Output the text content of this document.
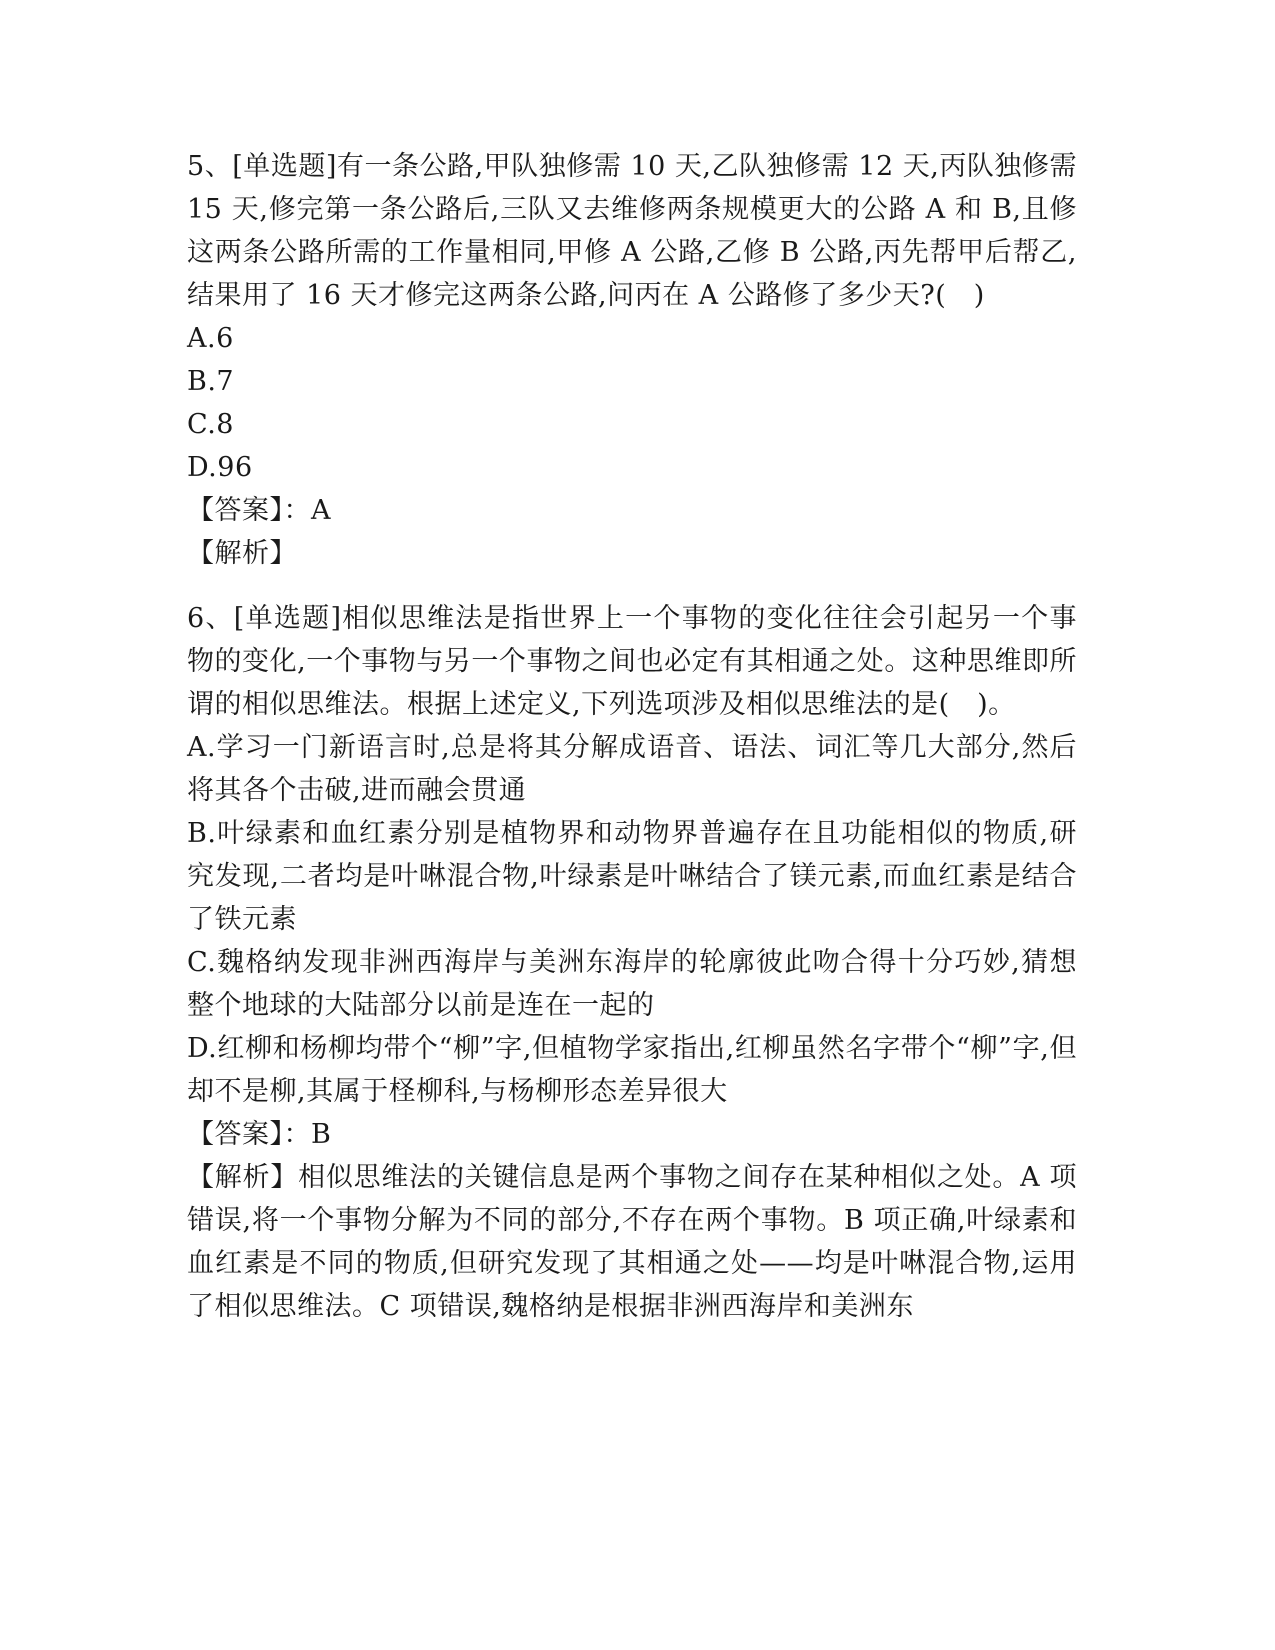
5、[单选题]有一条公路,甲队独修需 10 天,乙队独修需 12 天,丙队独修需 15 天,修完第一条公路后,三队又去维修两条规模更大的公路 A 和 B,且修这两条公路所需的工作量相同,甲修 A 公路,乙修 B 公路,丙先帮甲后帮乙,结果用了 16 天才修完这两条公路,问丙在 A 公路修了多少天?(　)

A.6
B.7
C.8
D.96
【答案】：A
【解析】

6、[单选题]相似思维法是指世界上一个事物的变化往往会引起另一个事物的变化,一个事物与另一个事物之间也必定有其相通之处。这种思维即所谓的相似思维法。根据上述定义,下列选项涉及相似思维法的是(　)。

A.学习一门新语言时,总是将其分解成语音、语法、词汇等几大部分,然后将其各个击破,进而融会贯通
B.叶绿素和血红素分别是植物界和动物界普遍存在且功能相似的物质,研究发现,二者均是叶啉混合物,叶绿素是叶啉结合了镁元素,而血红素是结合了铁元素
C.魏格纳发现非洲西海岸与美洲东海岸的轮廓彼此吻合得十分巧妙,猜想整个地球的大陆部分以前是连在一起的
D.红柳和杨柳均带个“柳”字,但植物学家指出,红柳虽然名字带个“柳”字,但却不是柳,其属于柽柳科,与杨柳形态差异很大
【答案】：B
【解析】相似思维法的关键信息是两个事物之间存在某种相似之处。A 项错误,将一个事物分解为不同的部分,不存在两个事物。B 项正确,叶绿素和血红素是不同的物质,但研究发现了其相通之处——均是叶啉混合物,运用了相似思维法。C 项错误,魏格纳是根据非洲西海岸和美洲东
